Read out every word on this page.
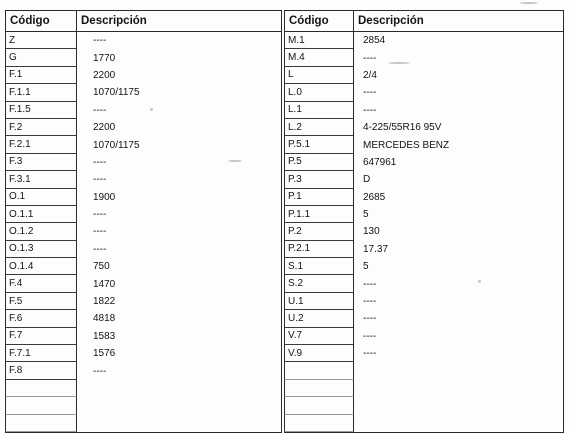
Código	Descripción
Z	----
G	1770
F.1	2200
F.1.1	1070/1175
F.1.5	----
F.2	2200
F.2.1	1070/1175
F.3	----
F.3.1	----
O.1	1900
O.1.1	----
O.1.2	----
O.1.3	----
O.1.4	750
F.4	1470
F.5	1822
F.6	4818
F.7	1583
F.7.1	1576
F.8	----
Código	Descripción
M.1	2854
M.4	----
L	2/4
L.0	----
L.1	----
L.2	4-225/55R16 95V
P.5.1	MERCEDES BENZ
P.5	647961
P.3	D
P.1	2685
P.1.1	5
P.2	130
P.2.1	17.37
S.1	5
S.2	----
U.1	----
U.2	----
V.7	----
V.9	----
